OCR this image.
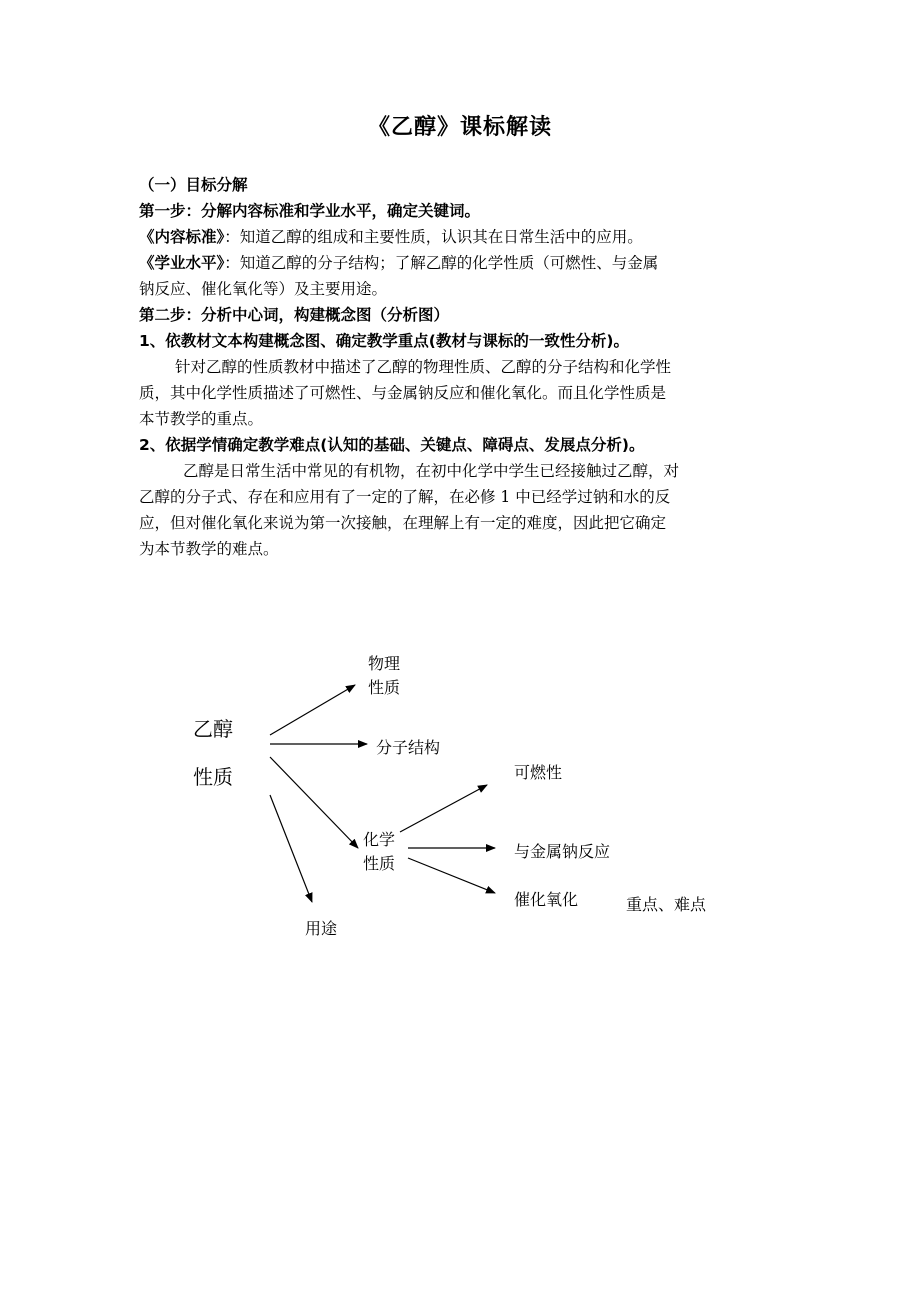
《乙醇》课标解读
（一）目标分解
第一步：分解内容标准和学业水平，确定关键词。
《内容标准》：知道乙醇的组成和主要性质，认识其在日常生活中的应用。
《学业水平》：知道乙醇的分子结构；了解乙醇的化学性质（可燃性、与金属
钠反应、催化氧化等）及主要用途。
第二步：分析中心词，构建概念图（分析图）
1、依教材文本构建概念图、确定教学重点(教材与课标的一致性分析)。
针对乙醇的性质教材中描述了乙醇的物理性质、乙醇的分子结构和化学性
质，其中化学性质描述了可燃性、与金属钠反应和催化氧化。而且化学性质是
本节教学的重点。
2、依据学情确定教学难点(认知的基础、关键点、障碍点、发展点分析)。
乙醇是日常生活中常见的有机物，在初中化学中学生已经接触过乙醇，对
乙醇的分子式、存在和应用有了一定的了解，在必修 1 中已经学过钠和水的反
应，但对催化氧化来说为第一次接触，在理解上有一定的难度，因此把它确定
为本节教学的难点。
乙醇
性质
物理
性质
分子结构
化学
性质
用途
可燃性
与金属钠反应
催化氧化	重点、难点
